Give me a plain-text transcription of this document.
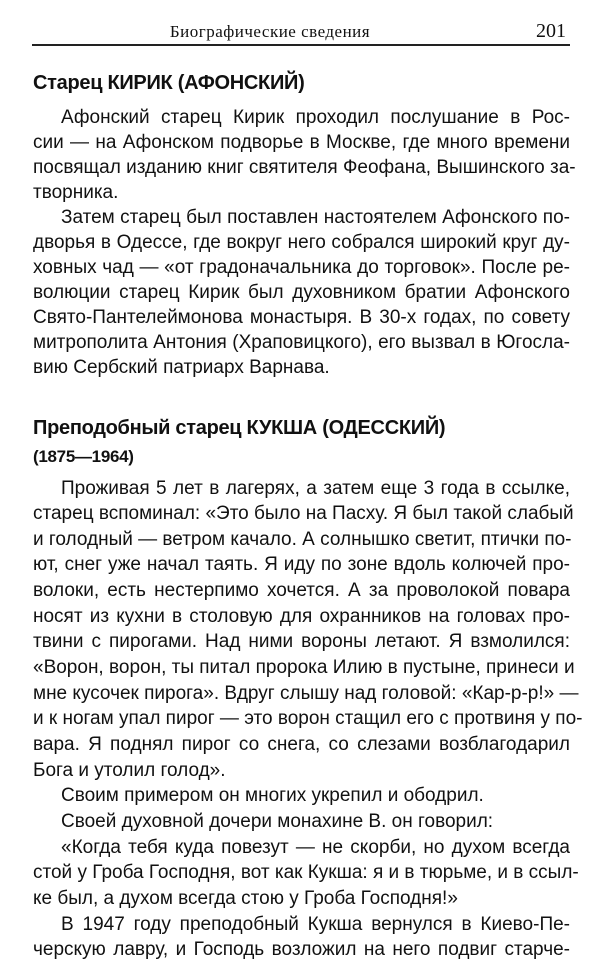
Биографические сведения	201
Старец КИРИК (АФОНСКИЙ)
Афонский старец Кирик проходил послушание в Рос-
сии — на Афонском подворье в Москве, где много времени
посвящал изданию книг святителя Феофана, Вышинского за-
творника.
Затем старец был поставлен настоятелем Афонского по-
дворья в Одессе, где вокруг него собрался широкий круг ду-
ховных чад — «от градоначальника до торговок». После ре-
волюции старец Кирик был духовником братии Афонского
Свято-Пантелеймонова монастыря. В 30-х годах, по совету
митрополита Антония (Храповицкого), его вызвал в Югосла-
вию Сербский патриарх Варнава.
Преподобный старец КУКША (ОДЕССКИЙ)
(1875—1964)
Проживая 5 лет в лагерях, а затем еще 3 года в ссылке,
старец вспоминал: «Это было на Пасху. Я был такой слабый
и голодный — ветром качало. А солнышко светит, птички по-
ют, снег уже начал таять. Я иду по зоне вдоль колючей про-
волоки, есть нестерпимо хочется. А за проволокой повара
носят из кухни в столовую для охранников на головах про-
твини с пирогами. Над ними вороны летают. Я взмолился:
«Ворон, ворон, ты питал пророка Илию в пустыне, принеси и
мне кусочек пирога». Вдруг слышу над головой: «Кар-р-р!» —
и к ногам упал пирог — это ворон стащил его с протвиня у по-
вара. Я поднял пирог со снега, со слезами возблагодарил
Бога и утолил голод».
Своим примером он многих укрепил и ободрил.
Своей духовной дочери монахине В. он говорил:
«Когда тебя куда повезут — не скорби, но духом всегда
стой у Гроба Господня, вот как Кукша: я и в тюрьме, и в ссыл-
ке был, а духом всегда стою у Гроба Господня!»
В 1947 году преподобный Кукша вернулся в Киево-Пе-
черскую лавру, и Господь возложил на него подвиг старче-
